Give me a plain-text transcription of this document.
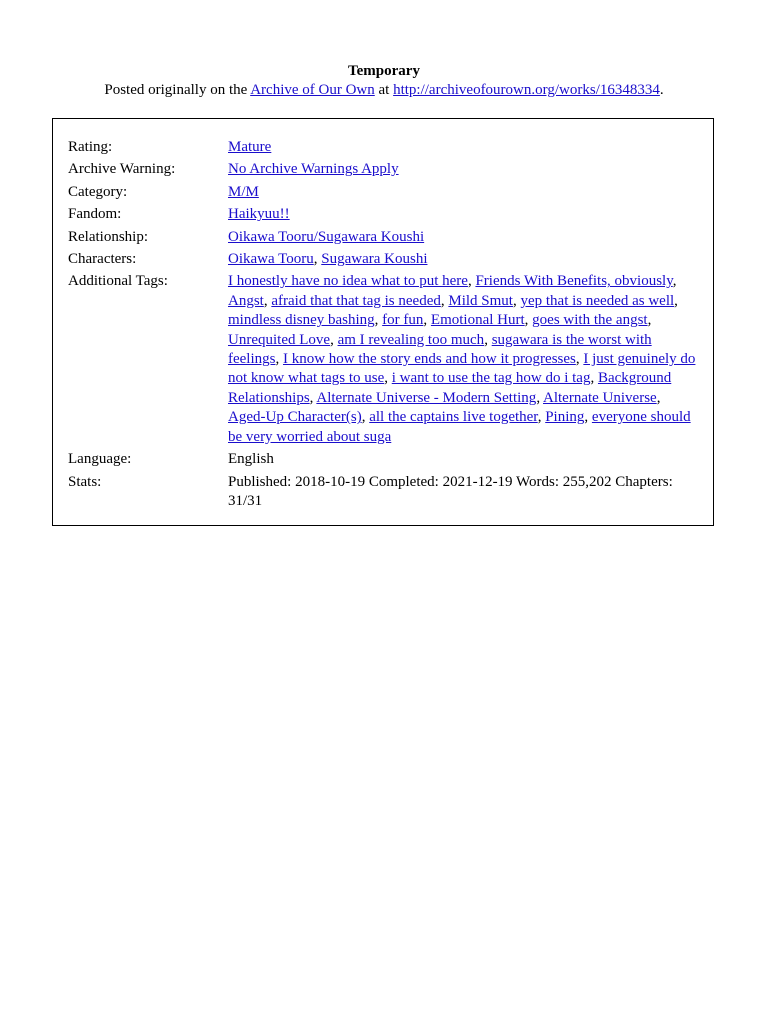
Temporary
Posted originally on the Archive of Our Own at http://archiveofourown.org/works/16348334.
Rating:	Mature
Archive Warning:	No Archive Warnings Apply
Category:	M/M
Fandom:	Haikyuu!!
Relationship:	Oikawa Tooru/Sugawara Koushi
Characters:	Oikawa Tooru, Sugawara Koushi
Additional Tags:	I honestly have no idea what to put here, Friends With Benefits, obviously, Angst, afraid that that tag is needed, Mild Smut, yep that is needed as well, mindless disney bashing, for fun, Emotional Hurt, goes with the angst, Unrequited Love, am I revealing too much, sugawara is the worst with feelings, I know how the story ends and how it progresses, I just genuinely do not know what tags to use, i want to use the tag how do i tag, Background Relationships, Alternate Universe - Modern Setting, Alternate Universe, Aged-Up Character(s), all the captains live together, Pining, everyone should be very worried about suga
Language:	English
Stats:	Published: 2018-10-19 Completed: 2021-12-19 Words: 255,202 Chapters: 31/31
